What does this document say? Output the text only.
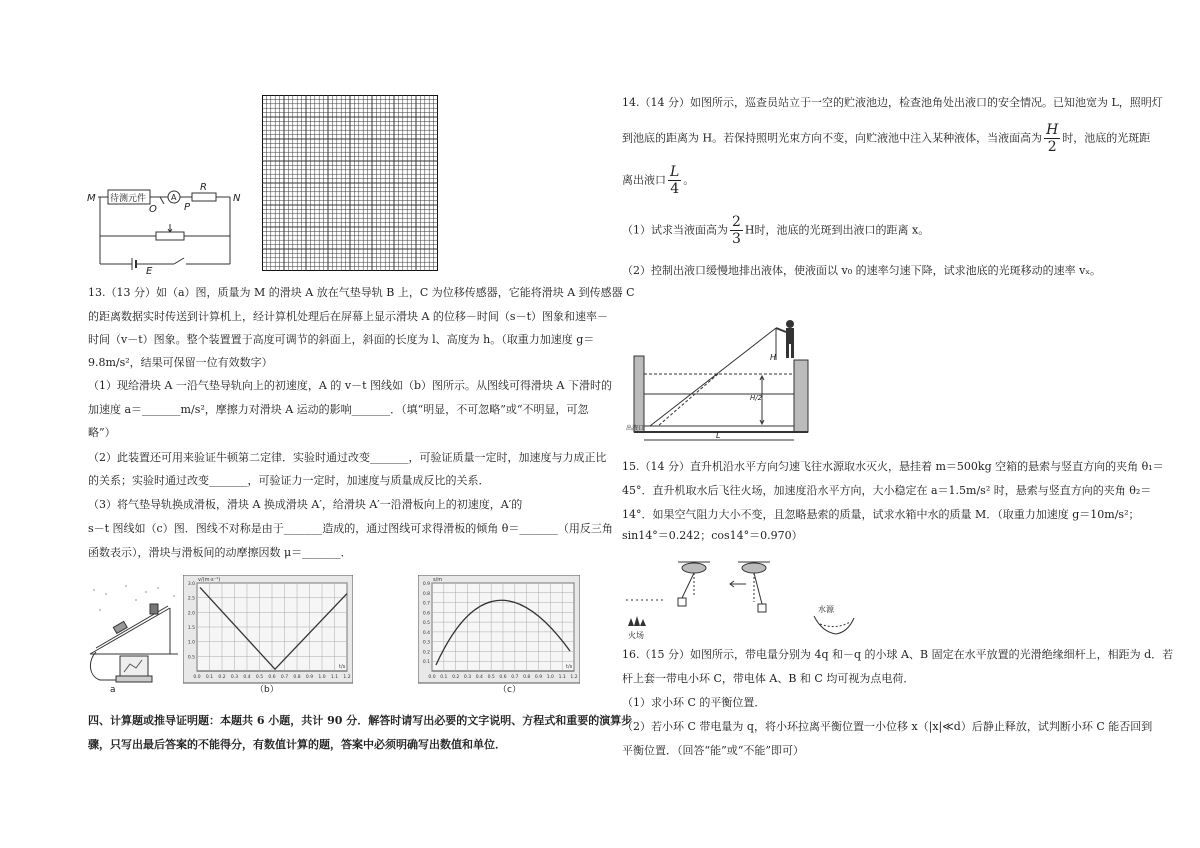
M 待测元件
O
A
R
P
N
E
13.（13 分）如（a）图，质量为 M 的滑块 A 放在气垫导轨 B 上，C 为位移传感器，它能将滑块 A 到传感器 C
的距离数据实时传送到计算机上，经计算机处理后在屏幕上显示滑块 A 的位移－时间（s－t）图象和速率－
时间（v－t）图象。整个装置置于高度可调节的斜面上，斜面的长度为 l、高度为 h。（取重力加速度 g＝
9.8m/s²，结果可保留一位有效数字）
（1）现给滑块 A 一沿气垫导轨向上的初速度，A 的 v－t 图线如（b）图所示。从图线可得滑块 A 下滑时的
加速度 a＝_______m/s²，摩擦力对滑块 A 运动的影响_______．（填“明显，不可忽略”或“不明显，可忽
略”）
（2）此装置还可用来验证牛顿第二定律．实验时通过改变_______，可验证质量一定时，加速度与力成正比
的关系；实验时通过改变_______，可验证力一定时，加速度与质量成反比的关系．
（3）将气垫导轨换成滑板，滑块 A 换成滑块 A′，给滑块 A′一沿滑板向上的初速度，A′的
s－t 图线如（c）图．图线不对称是由于_______造成的，通过图线可求得滑板的倾角 θ＝_______（用反三角
函数表示），滑块与滑板间的动摩擦因数 μ＝_______．
a
3.0
2.5
2.0
1.5
1.0
0.5
0.0 0.1 0.2 0.3 0.4 0.5 0.6 0.7 0.8 0.9 1.0 1.1 1.2
v/(m·s⁻¹)
t/s
（b）
0.9
0.8
0.7
0.6
0.5
0.4
0.3
0.2
0.1
0.0 0.1 0.2 0.3 0.4 0.5 0.6 0.7 0.8 0.9 1.0 1.1 1.2
s/m
t/s
（c）
四、计算题或推导证明题：本题共 6 小题，共计 90 分．解答时请写出必要的文字说明、方程式和重要的演算步
骤，只写出最后答案的不能得分，有数值计算的题，答案中必须明确写出数值和单位．
14.（14 分）如图所示，巡查员站立于一空的贮液池边，检查池角处出液口的安全情况。已知池宽为 L，照明灯
到池底的距离为 H。若保持照明光束方向不变，向贮液池中注入某种液体，当液面高为 $\frac{H}{2}$ 时，池底的光斑距
离出液口 $\frac{L}{4}$ 。
（1）试求当液面高为 $\frac{2}{3}$ H时，池底的光斑到出液口的距离 x。
（2）控制出液口缓慢地排出液体，使液面以 v₀ 的速率匀速下降，试求池底的光斑移动的速率 vₓ。
H
H/2
L
出液口
15.（14 分）直升机沿水平方向匀速飞往水源取水灭火，悬挂着 m＝500kg 空箱的悬索与竖直方向的夹角 θ₁＝
45°．直升机取水后飞往火场，加速度沿水平方向，大小稳定在 a＝1.5m/s² 时，悬索与竖直方向的夹角 θ₂＝
14°．如果空气阻力大小不变，且忽略悬索的质量，试求水箱中水的质量 M．（取重力加速度 g＝10m/s²；
sin14°＝0.242；cos14°＝0.970）
火场
水源
16.（15 分）如图所示，带电量分别为 4q 和－q 的小球 A、B 固定在水平放置的光滑绝缘细杆上，相距为 d．若
杆上套一带电小环 C，带电体 A、B 和 C 均可视为点电荷．
（1）求小环 C 的平衡位置．
（2）若小环 C 带电量为 q，将小环拉离平衡位置一小位移 x（|x|≪d）后静止释放，试判断小环 C 能否回到
平衡位置．（回答“能”或“不能”即可）
